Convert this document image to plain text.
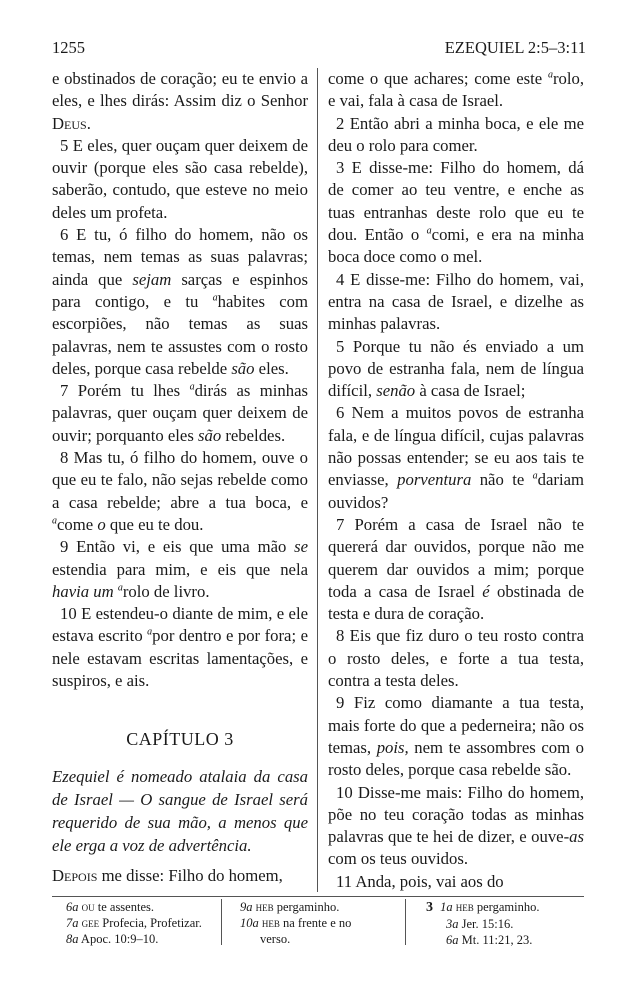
1255	EZEQUIEL 2:5–3:11

e obstinados de coração; eu te envio a eles, e lhes dirás: Assim diz o Senhor Deus.

5 E eles, quer ouçam quer deixem de ouvir (porque eles são casa rebelde), saberão, contudo, que esteve no meio deles um profeta.

6 E tu, ó filho do homem, não os temas, nem temas as suas palavras; ainda que sejam sarças e espinhos para contigo, e tu $^a$habites com escorpiões, não temas as suas palavras, nem te assustes com o rosto deles, porque casa rebelde são eles.

7 Porém tu lhes $^a$dirás as minhas palavras, quer ouçam quer deixem de ouvir; porquanto eles são rebeldes.

8 Mas tu, ó filho do homem, ouve o que eu te falo, não sejas rebelde como a casa rebelde; abre a tua boca, e $^a$come o que eu te dou.

9 Então vi, e eis que uma mão se estendia para mim, e eis que nela havia um $^a$rolo de livro.

10 E estendeu-o diante de mim, e ele estava escrito $^a$por dentro e por fora; e nele estavam escritas lamentações, e suspiros, e ais.

CAPÍTULO 3

Ezequiel é nomeado atalaia da casa de Israel — O sangue de Israel será requerido de sua mão, a menos que ele erga a voz de advertência.

Depois me disse: Filho do homem,

come o que achares; come este $^a$rolo, e vai, fala à casa de Israel.

2 Então abri a minha boca, e ele me deu o rolo para comer.

3 E disse-me: Filho do homem, dá de comer ao teu ventre, e enche as tuas entranhas deste rolo que eu te dou. Então o $^a$comi, e era na minha boca doce como o mel.

4 E disse-me: Filho do homem, vai, entra na casa de Israel, e dizelhe as minhas palavras.

5 Porque tu não és enviado a um povo de estranha fala, nem de língua difícil, senão à casa de Israel;

6 Nem a muitos povos de estranha fala, e de língua difícil, cujas palavras não possas entender; se eu aos tais te enviasse, porventura não te $^a$dariam ouvidos?

7 Porém a casa de Israel não te quererá dar ouvidos, porque não me querem dar ouvidos a mim; porque toda a casa de Israel é obstinada de testa e dura de coração.

8 Eis que fiz duro o teu rosto contra o rosto deles, e forte a tua testa, contra a testa deles.

9 Fiz como diamante a tua testa, mais forte do que a pederneira; não os temas, pois, nem te assombres com o rosto deles, porque casa rebelde são.

10 Disse-me mais: Filho do homem, põe no teu coração todas as minhas palavras que te hei de dizer, e ouve-as com os teus ouvidos.

11 Anda, pois, vai aos do

6a ou te assentes.
7a gee Profecia, Profetizar.
8a Apoc. 10:9–10.
9a heb pergaminho.
10a heb na frente e no
verso.
3 1a heb pergaminho.
3a Jer. 15:16.
6a Mt. 11:21, 23.
